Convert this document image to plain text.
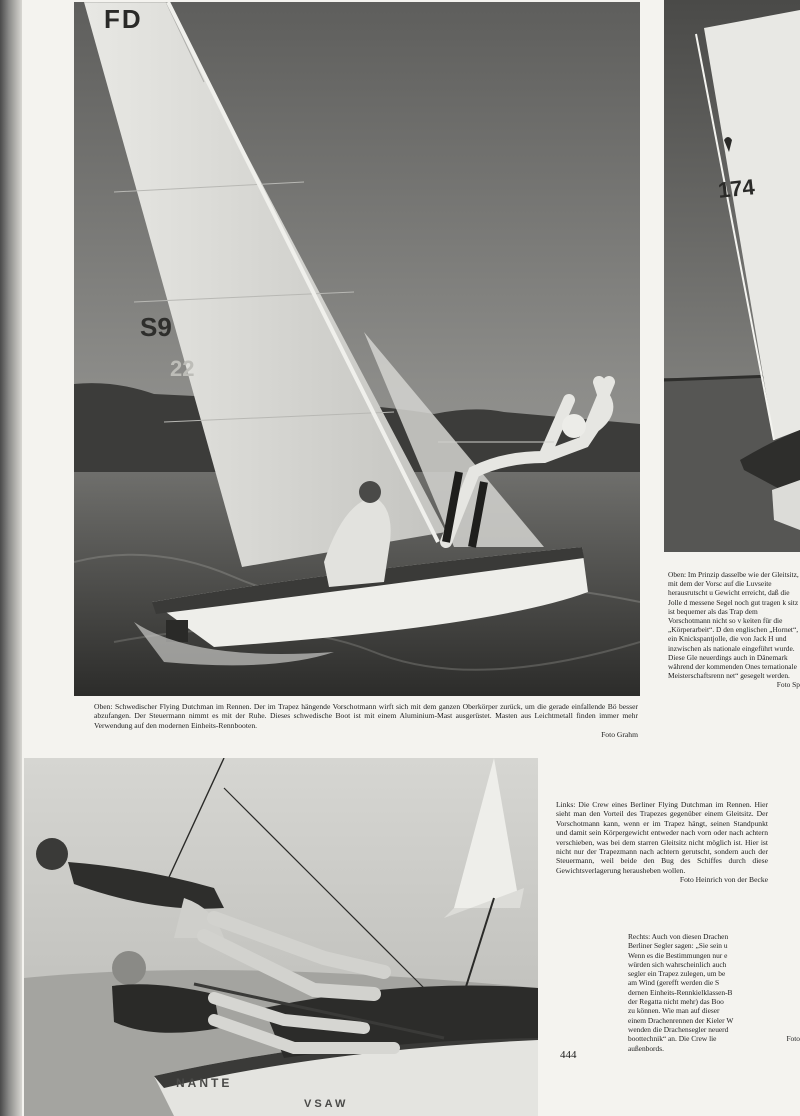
FD
S9
22

Oben: Schwedischer Flying Dutchman im Rennen. Der im Trapez hängende Vorschotmann wirft sich mit dem ganzen Oberkörper zurück, um die gerade einfallende Bö besser abzufangen. Der Steuermann nimmt es mit der Ruhe. Dieses schwedische Boot ist mit einem Aluminium-Mast ausgerüstet. Masten aus Leichtmetall finden immer mehr Verwendung auf den modernen Einheits-Rennbooten.
Foto Grahm

174

Oben: Im Prinzip dasselbe wie der Gleitsitz, mit dem der Vorsc auf die Luvseite herausrutscht u Gewicht erreicht, daß die Jolle d messene Segel noch gut tragen k sitz ist bequemer als das Trap dem Vorschotmann nicht so v keiten für die „Körperarbeit“. D den englischen „Hornet“, ein Knickspantjolle, die von Jack H und inzwischen als nationale eingeführt wurde. Diese Gle neuerdings auch in Dänemark während der kommenden Ones ternationale Meisterschaftsrenn net“ gesegelt werden.
Foto Sp

NANTE
VSAW

Links: Die Crew eines Berliner Flying Dutchman im Rennen. Hier sieht man den Vorteil des Trapezes gegenüber einem Gleitsitz. Der Vorschotmann kann, wenn er im Trapez hängt, seinen Standpunkt und damit sein Körpergewicht entweder nach vorn oder nach achtern verschieben, was bei dem starren Gleitsitz nicht möglich ist. Hier ist nicht nur der Trapezmann nach achtern gerutscht, sondern auch der Steuermann, weil beide den Bug des Schiffes durch diese Gewichtsverlagerung herausheben wollen.
Foto Heinrich von der Becke

Rechts: Auch von diesen Drachen
Berliner Segler sagen: „Sie sein u
Wenn es die Bestimmungen nur e
würden sich wahrscheinlich auch
segler ein Trapez zulegen, um be
am Wind (gerefft werden die S
dernen Einheits-Rennkielklassen-B
der Regatta nicht mehr) das Boo
zu können. Wie man auf dieser
einem Drachenrennen der Kieler W
wenden die Drachensegler neuerd
boottechnik“ an. Die Crew lie
außenbords.
Foto
444
